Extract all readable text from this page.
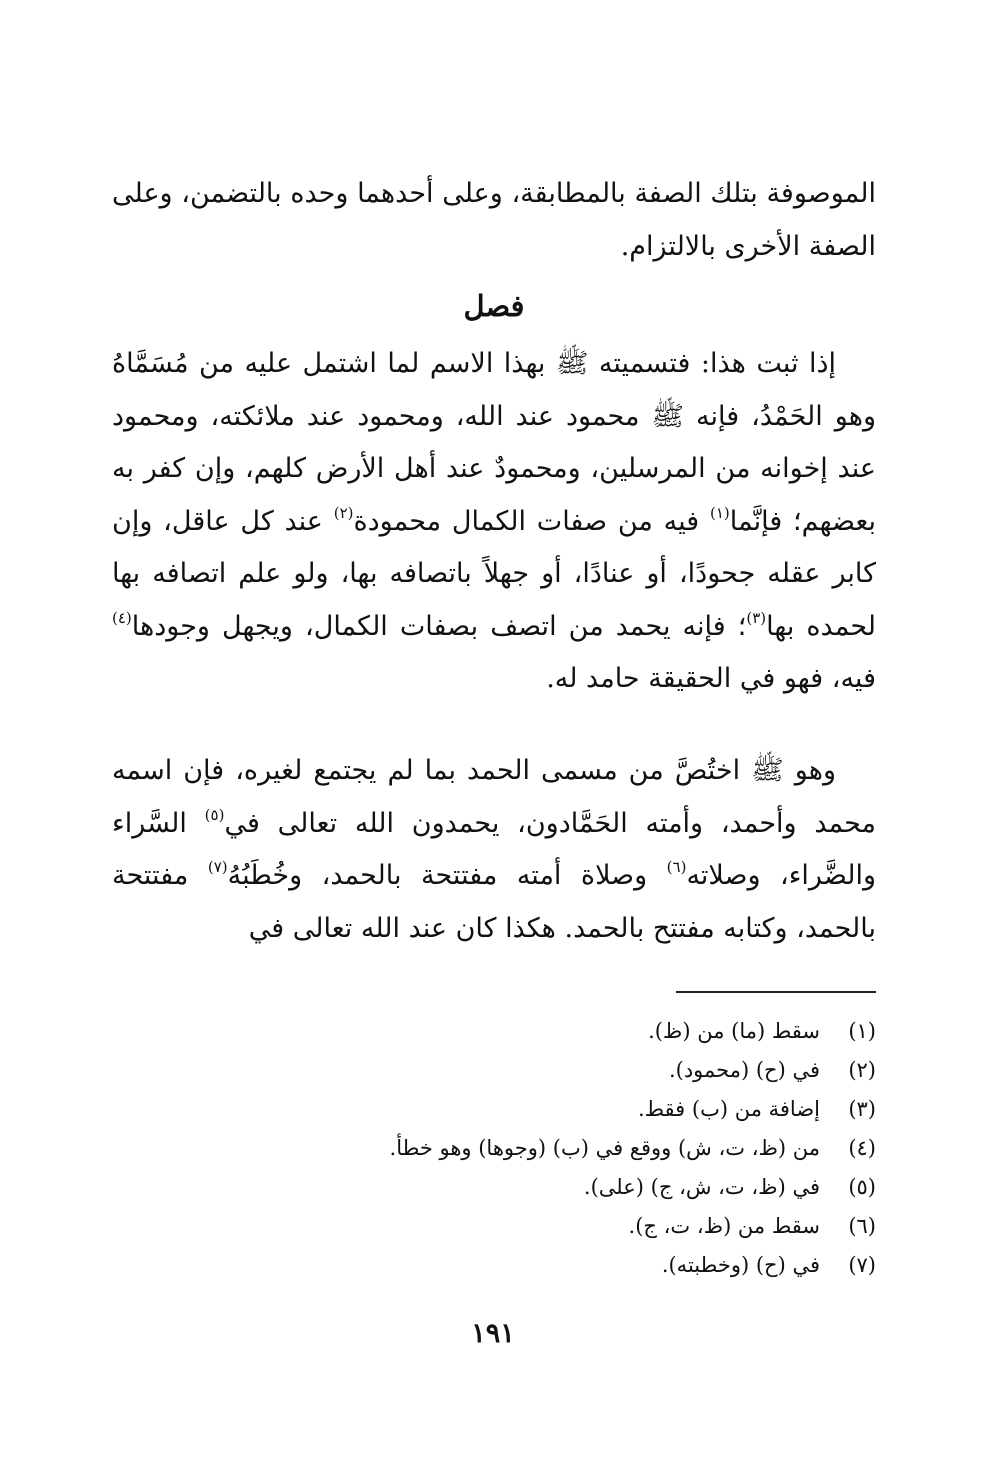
الموصوفة بتلك الصفة بالمطابقة، وعلى أحدهما وحده بالتضمن، وعلى الصفة الأخرى بالالتزام.

فصل

إذا ثبت هذا: فتسميته ﷺ بهذا الاسم لما اشتمل عليه من مُسَمَّاهُ وهو الحَمْدُ، فإنه ﷺ محمود عند الله، ومحمود عند ملائكته، ومحمود عند إخوانه من المرسلين، ومحمودٌ عند أهل الأرض كلهم، وإن كفر به بعضهم؛ فإنَّما$^{(١)}$ فيه من صفات الكمال محمودة$^{(٢)}$ عند كل عاقل، وإن كابر عقله جحودًا، أو عنادًا، أو جهلاً باتصافه بها، ولو علم اتصافه بها لحمده بها$^{(٣)}$؛ فإنه يحمد من اتصف بصفات الكمال، ويجهل وجودها$^{(٤)}$ فيه، فهو في الحقيقة حامد له.

وهو ﷺ اختُصَّ من مسمى الحمد بما لم يجتمع لغيره، فإن اسمه محمد وأحمد، وأمته الحَمَّادون، يحمدون الله تعالى في$^{(٥)}$ السَّراء والضَّراء، وصلاته$^{(٦)}$ وصلاة أمته مفتتحة بالحمد، وخُطَبُهُ$^{(٧)}$ مفتتحة بالحمد، وكتابه مفتتح بالحمد. هكذا كان عند الله تعالى في

(١)سقط (ما) من (ظ).
(٢)في (ح) (محمود).
(٣)إضافة من (ب) فقط.
(٤)من (ظ، ت، ش) ووقع في (ب) (وجوها) وهو خطأ.
(٥)في (ظ، ت، ش، ج) (على).
(٦)سقط من (ظ، ت، ج).
(٧)في (ح) (وخطبته).
١٩١
